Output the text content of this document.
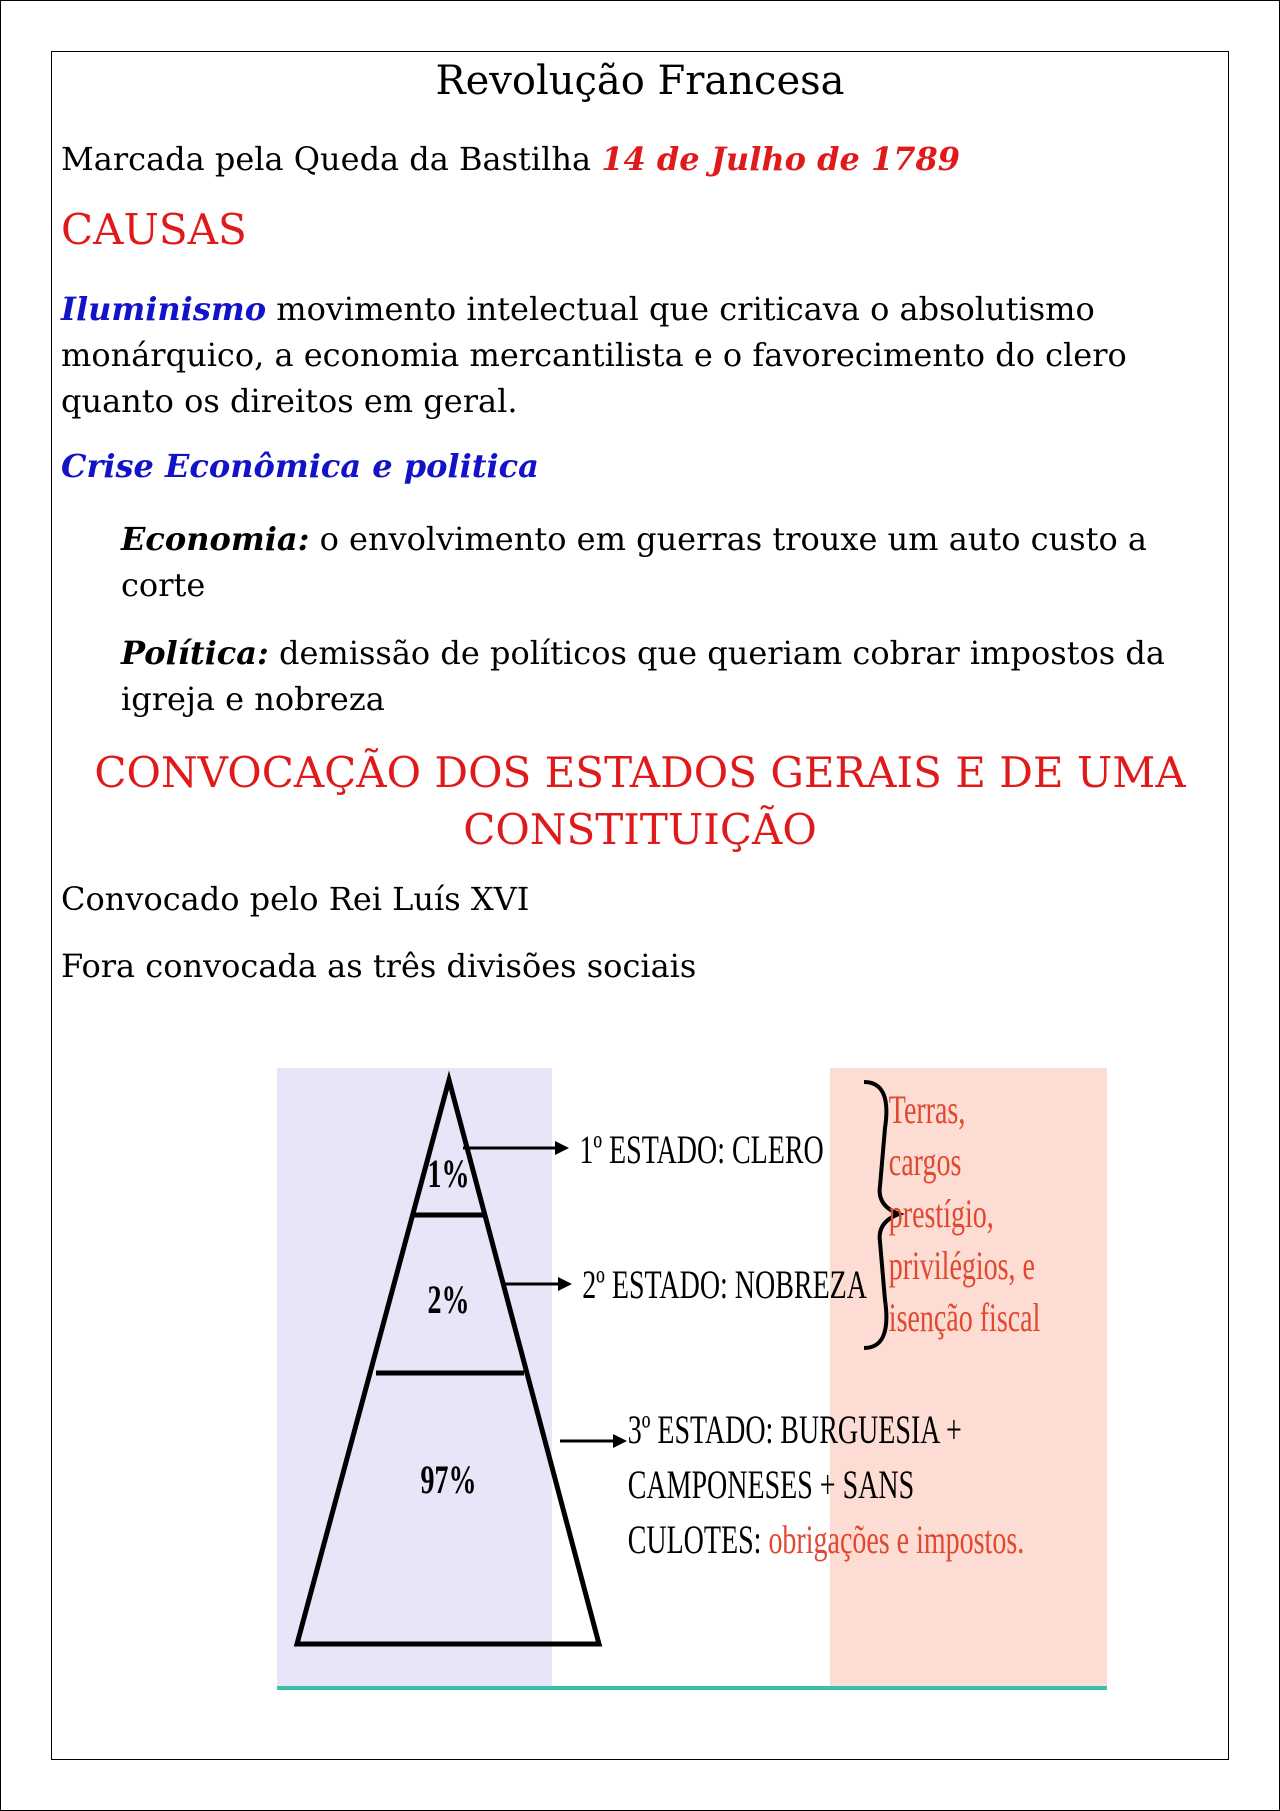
Revolução Francesa
Marcada pela Queda da Bastilha 14 de Julho de 1789
CAUSAS
Iluminismo movimento intelectual que criticava o absolutismo monárquico, a economia mercantilista e o favorecimento do clero quanto os direitos em geral.
Crise Econômica e politica
Economia: o envolvimento em guerras trouxe um auto custo a corte
Política: demissão de políticos que queriam cobrar impostos da igreja e nobreza
CONVOCAÇÃO DOS ESTADOS GERAIS E DE UMA
CONSTITUIÇÃO
Convocado pelo Rei Luís XVI
Fora convocada as três divisões sociais
1%
2%
97%
1º ESTADO: CLERO
2º ESTADO: NOBREZA
3º ESTADO: BURGUESIA +
CAMPONESES + SANS
CULOTES: obrigações e impostos.
Terras,
cargos
prestígio,
privilégios, e
isenção fiscal
